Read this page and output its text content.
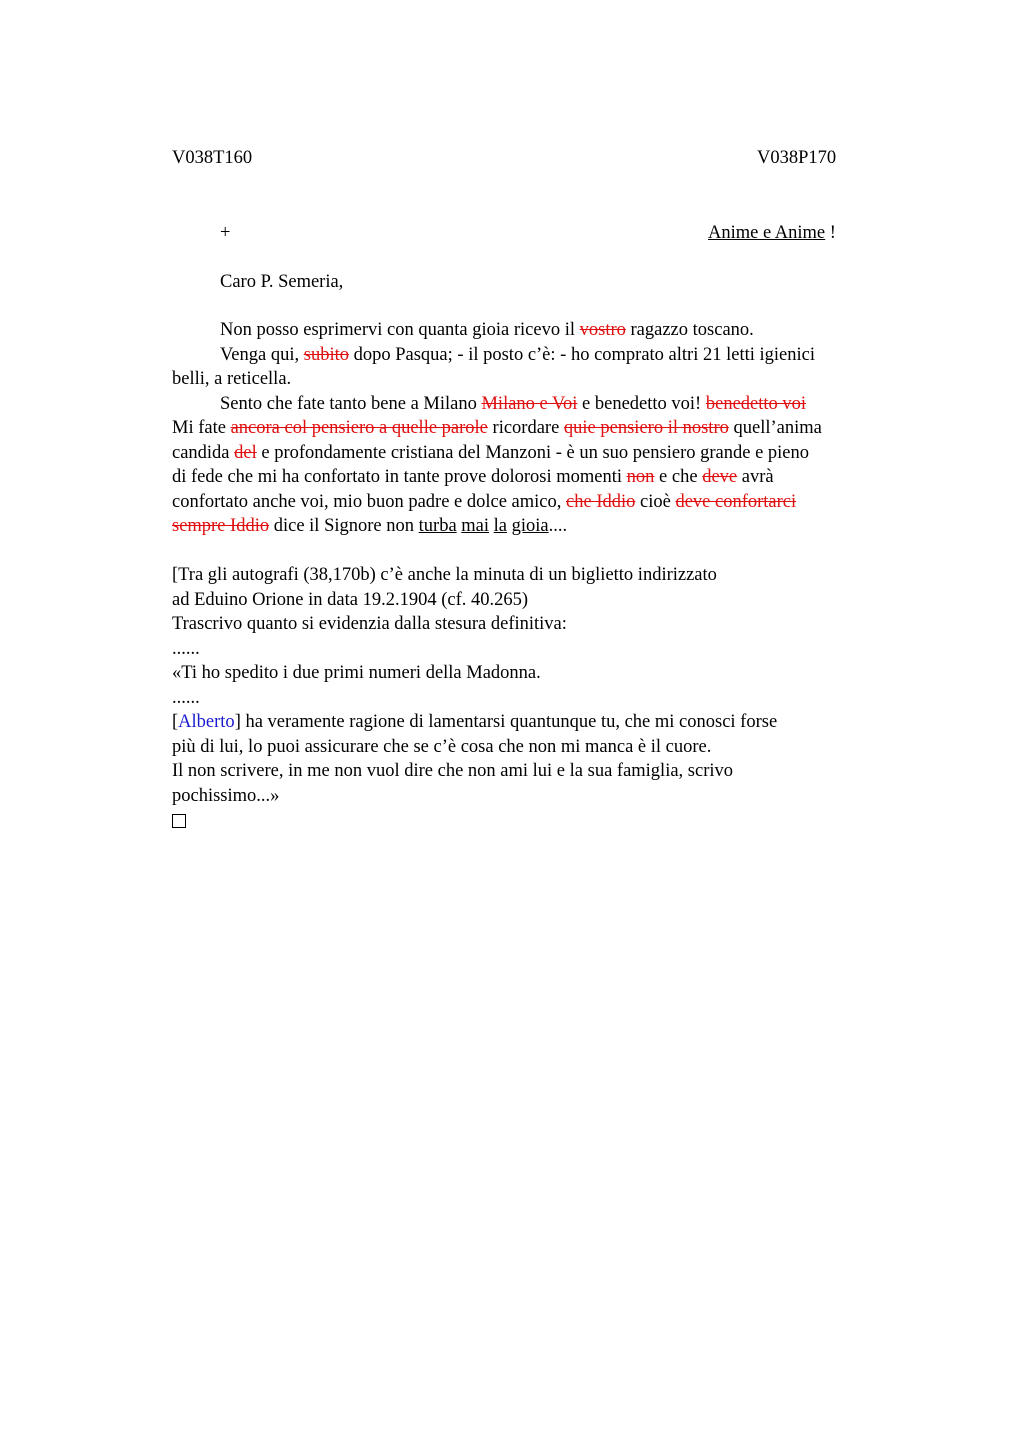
V038T160	V038P170
+	Anime e Anime !
Caro P. Semeria,
Non posso esprimervi con quanta gioia ricevo il vostro ragazzo toscano.
Venga qui, subito dopo Pasqua; - il posto c’è: - ho comprato altri 21 letti igienici
belli, a reticella.
Sento che fate tanto bene a Milano Milano e Voi e benedetto voi! benedetto voi
Mi fate ancora col pensiero a quelle parole ricordare quie pensiero il nostro quell’anima
candida del e profondamente cristiana del Manzoni - è un suo pensiero grande e pieno
di fede che mi ha confortato in tante prove dolorosi momenti non e che deve avrà
confortato anche voi, mio buon padre e dolce amico, che Iddio cioè deve confortarci
sempre Iddio dice il Signore non turba mai la gioia....
[Tra gli autografi (38,170b) c’è anche la minuta di un biglietto indirizzato
ad Eduino Orione in data 19.2.1904 (cf. 40.265)
Trascrivo quanto si evidenzia dalla stesura definitiva:
......
«Ti ho spedito i due primi numeri della Madonna.
......
[Alberto] ha veramente ragione di lamentarsi quantunque tu, che mi conosci forse
più di lui, lo puoi assicurare che se c’è cosa che non mi manca è il cuore.
Il non scrivere, in me non vuol dire che non ami lui e la sua famiglia, scrivo
pochissimo...»
